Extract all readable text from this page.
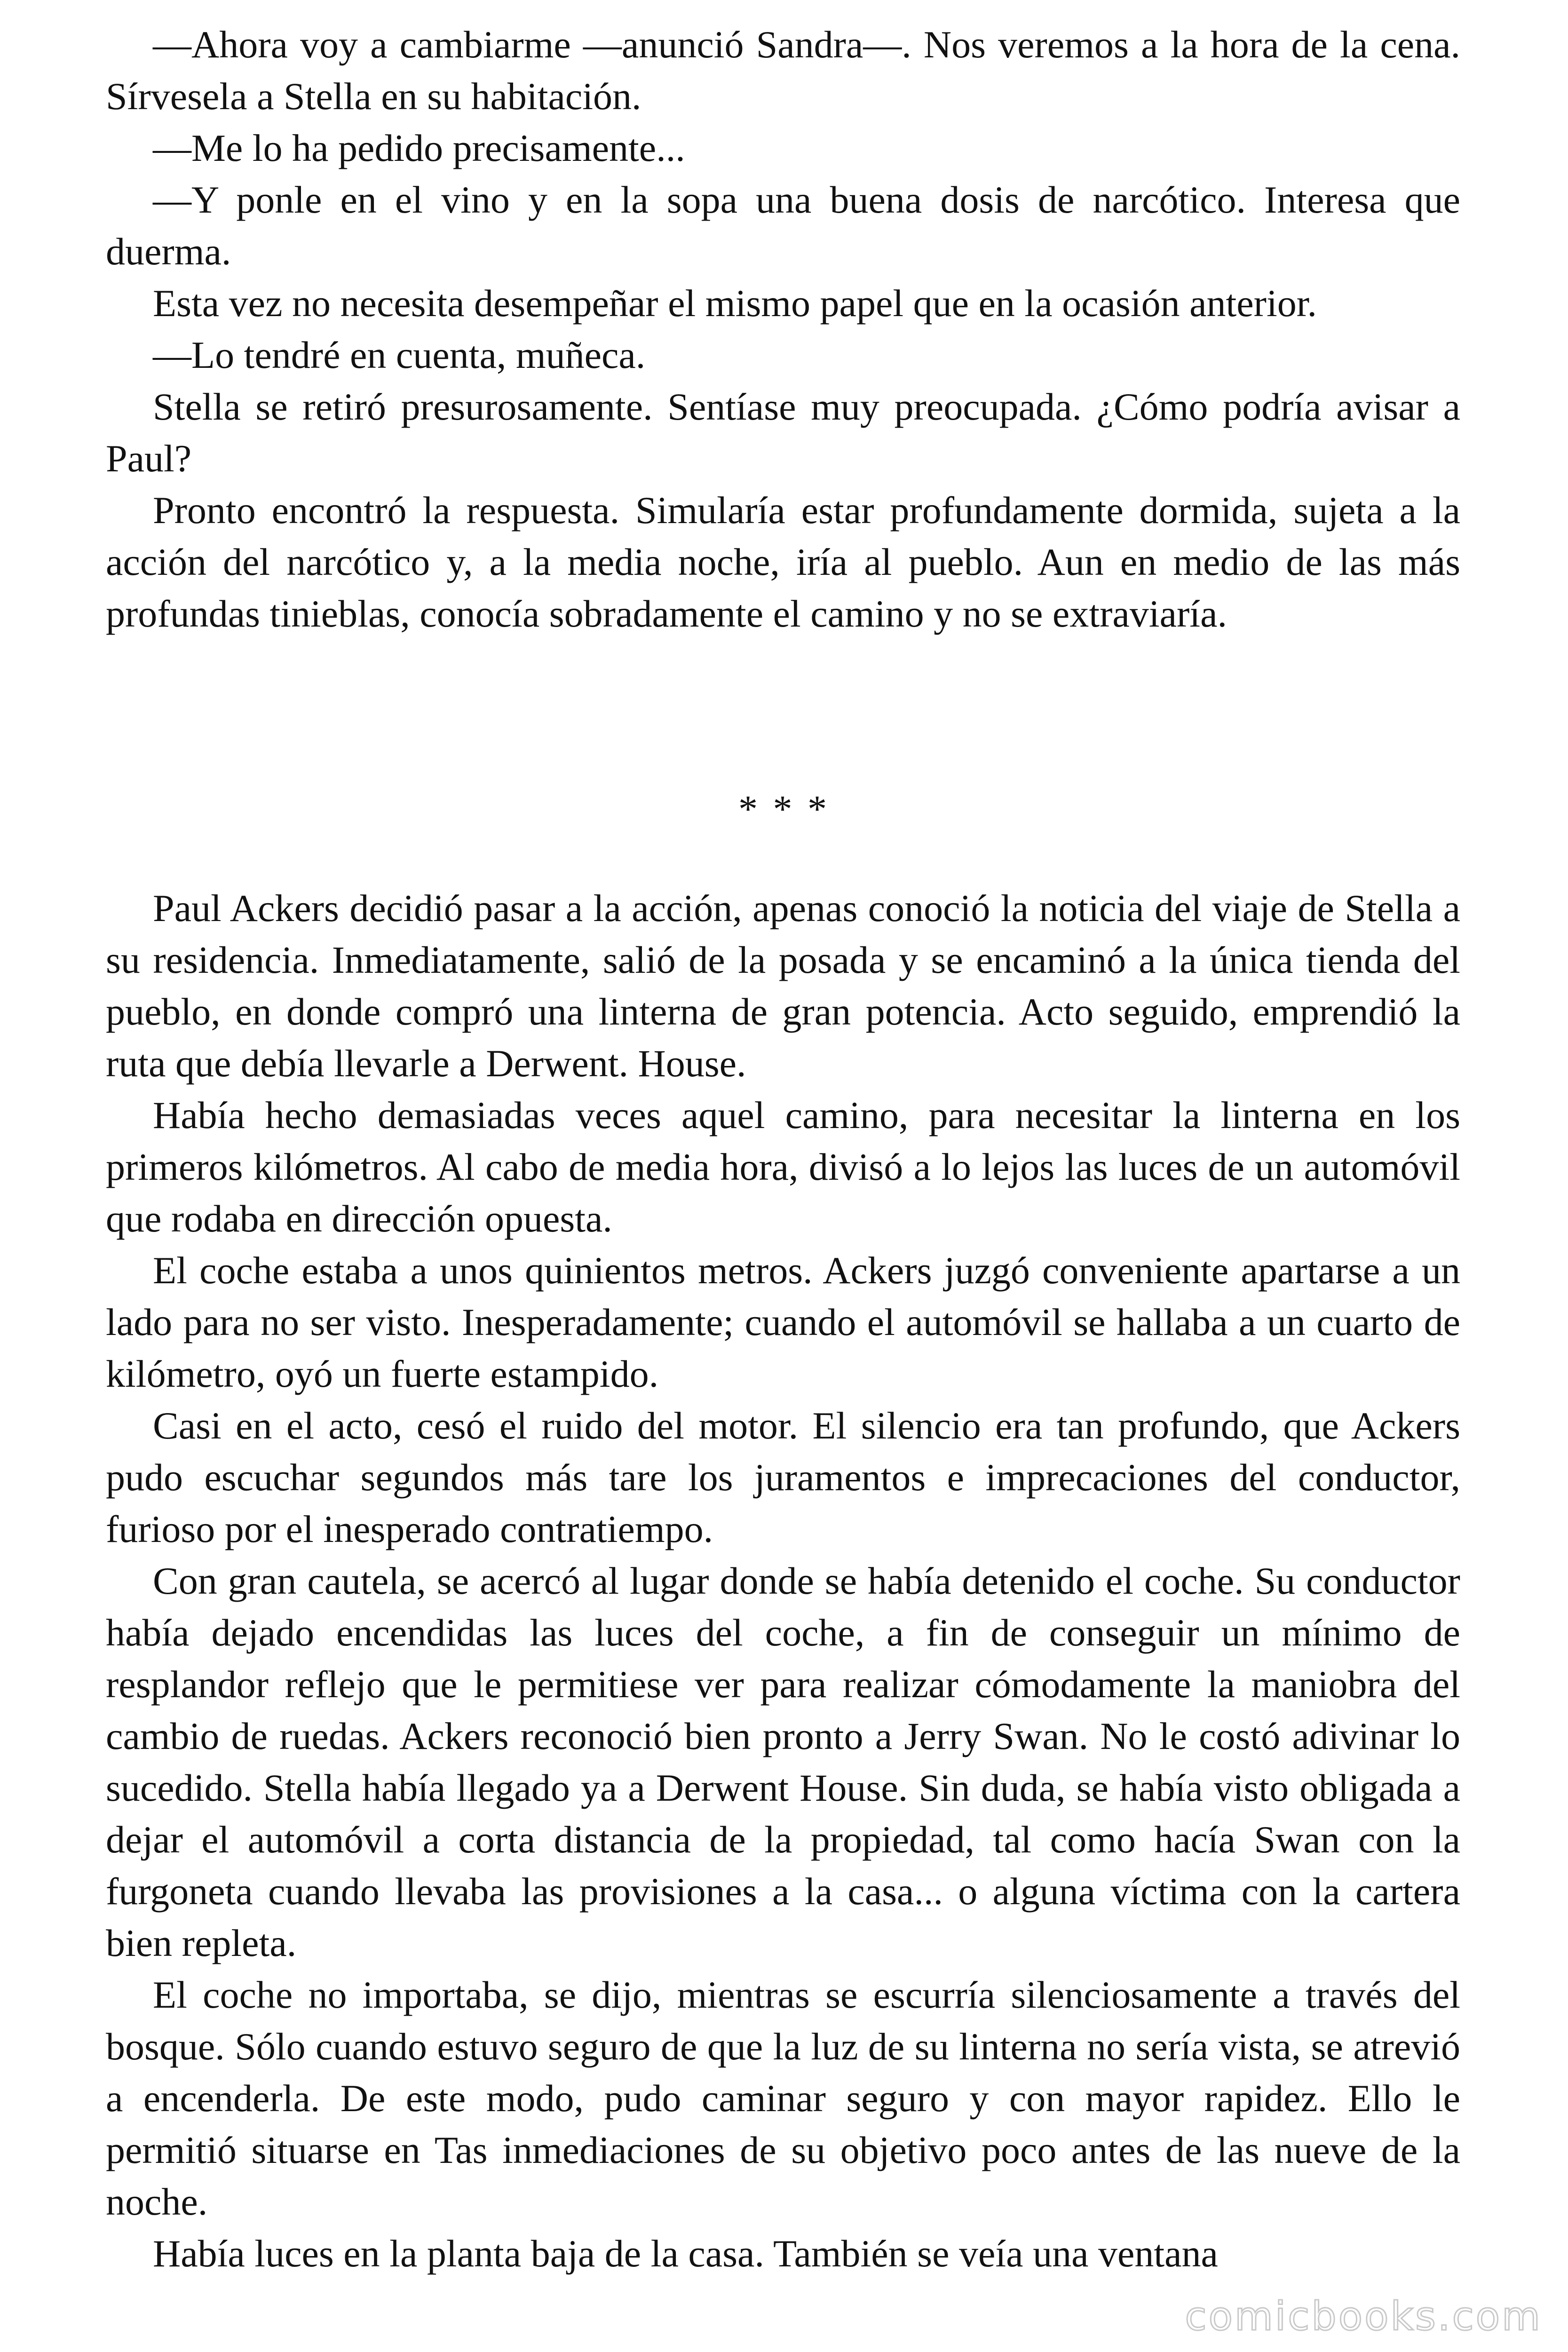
—Ahora voy a cambiarme —anunció Sandra—. Nos veremos a la hora de la cena. Sírvesela a Stella en su habitación.

—Me lo ha pedido precisamente...

—Y ponle en el vino y en la sopa una buena dosis de narcótico. Interesa que duerma.

Esta vez no necesita desempeñar el mismo papel que en la ocasión anterior.

—Lo tendré en cuenta, muñeca.

Stella se retiró presurosamente. Sentíase muy preocupada. ¿Cómo podría avisar a Paul?

Pronto encontró la respuesta. Simularía estar profundamente dormida, sujeta a la acción del narcótico y, a la media noche, iría al pueblo. Aun en medio de las más profundas tinieblas, conocía sobradamente el camino y no se extraviaría.

* * *

Paul Ackers decidió pasar a la acción, apenas conoció la noticia del viaje de Stella a su residencia. Inmediatamente, salió de la posada y se encaminó a la única tienda del pueblo, en donde compró una linterna de gran potencia. Acto seguido, emprendió la ruta que debía llevarle a Derwent. House.

Había hecho demasiadas veces aquel camino, para necesitar la linterna en los primeros kilómetros. Al cabo de media hora, divisó a lo lejos las luces de un automóvil que rodaba en dirección opuesta.

El coche estaba a unos quinientos metros. Ackers juzgó conveniente apartarse a un lado para no ser visto. Inesperadamente; cuando el automóvil se hallaba a un cuarto de kilómetro, oyó un fuerte estampido.

Casi en el acto, cesó el ruido del motor. El silencio era tan profundo, que Ackers pudo escuchar segundos más tare los juramentos e imprecaciones del conductor, furioso por el inesperado contratiempo.

Con gran cautela, se acercó al lugar donde se había detenido el coche. Su conductor había dejado encendidas las luces del coche, a fin de conseguir un mínimo de resplandor reflejo que le permitiese ver para realizar cómodamente la maniobra del cambio de ruedas. Ackers reconoció bien pronto a Jerry Swan. No le costó adivinar lo sucedido. Stella había llegado ya a Derwent House. Sin duda, se había visto obligada a dejar el automóvil a corta distancia de la propiedad, tal como hacía Swan con la furgoneta cuando llevaba las provisiones a la casa... o alguna víctima con la cartera bien repleta.

El coche no importaba, se dijo, mientras se escurría silenciosamente a través del bosque. Sólo cuando estuvo seguro de que la luz de su linterna no sería vista, se atrevió a encenderla. De este modo, pudo caminar seguro y con mayor rapidez. Ello le permitió situarse en Tas inmediaciones de su objetivo poco antes de las nueve de la noche.

Había luces en la planta baja de la casa. También se veía una ventana

comicbooks.com
